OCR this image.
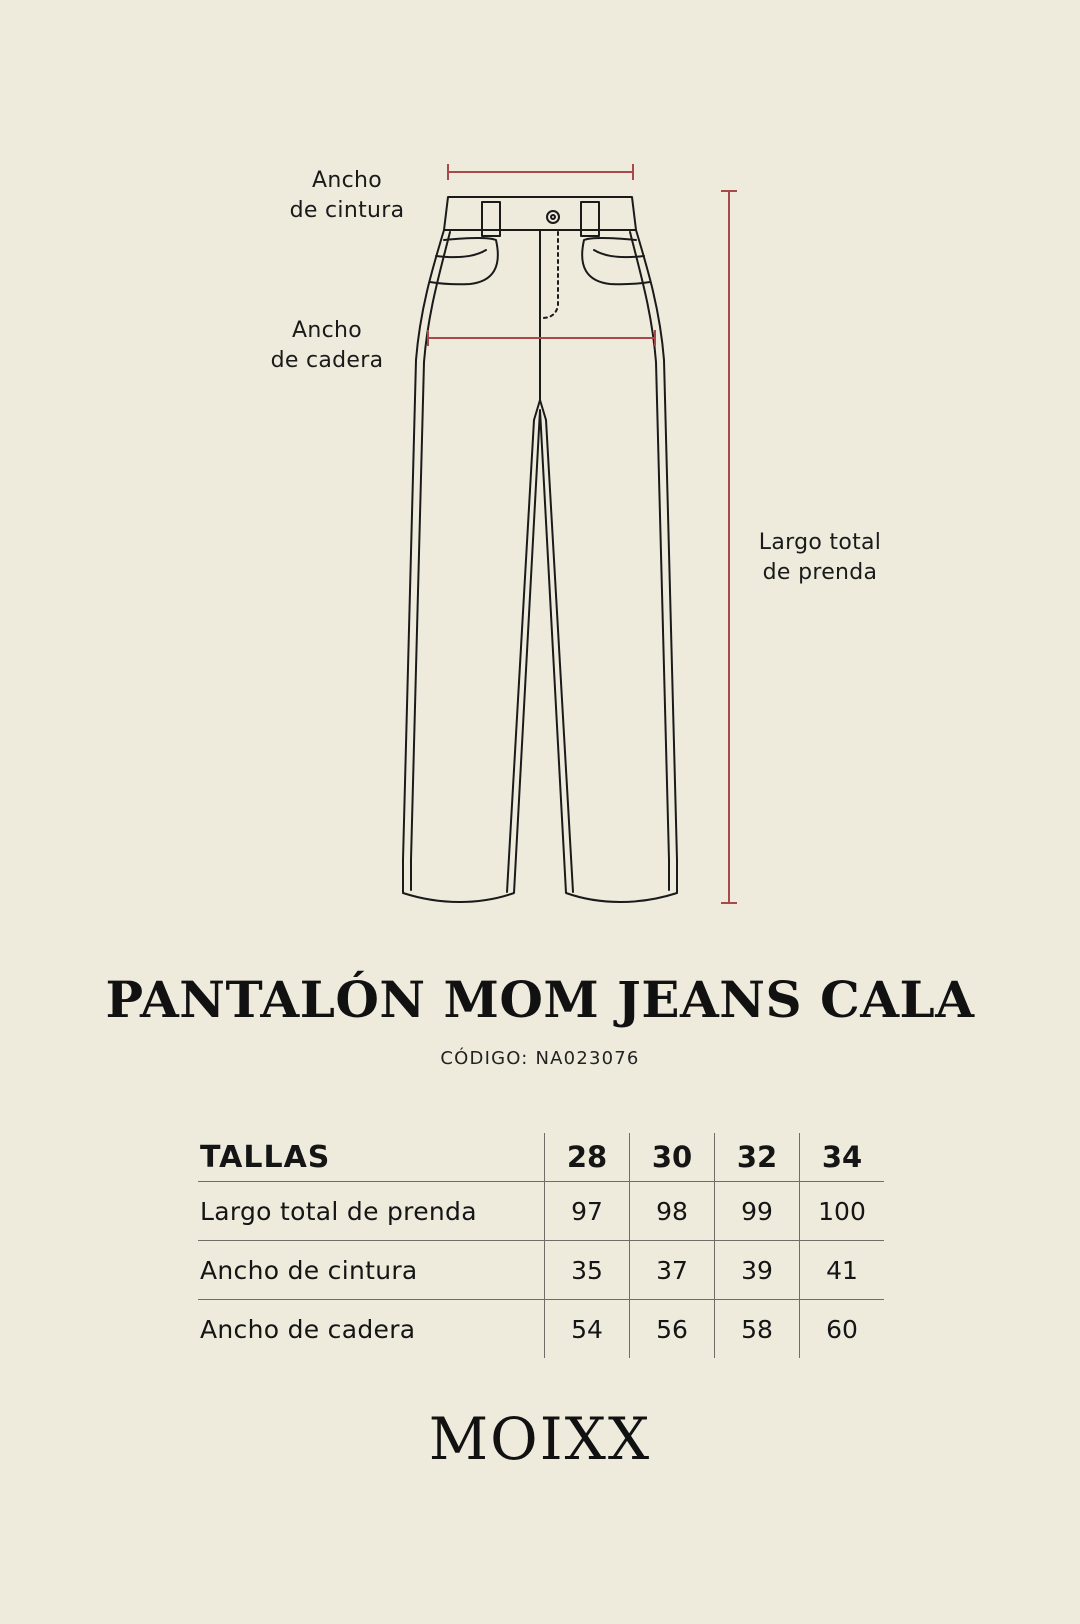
Ancho
de cintura
Ancho
de cadera
Largo total
de prenda
PANTALÓN MOM JEANS CALA
CÓDIGO: NA023076
TALLAS	28	30	32	34
Largo total de prenda	97	98	99	100
Ancho de cintura	35	37	39	41
Ancho de cadera	54	56	58	60
MOIXX
